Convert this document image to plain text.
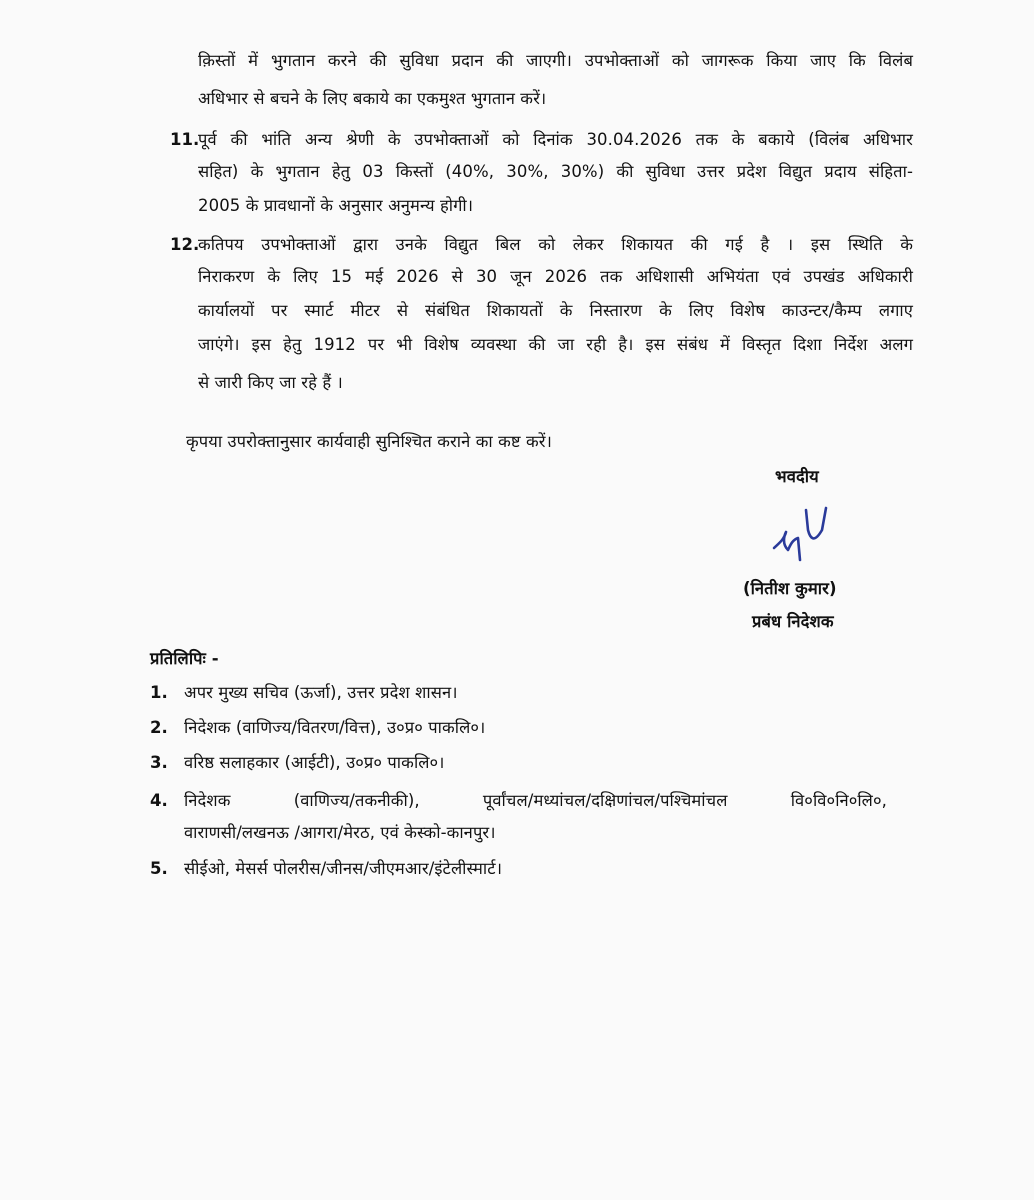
क़िस्तों में भुगतान करने की सुविधा प्रदान की जाएगी। उपभोक्ताओं को जागरूक किया जाए कि विलंब
अधिभार से बचने के लिए बकाये का एकमुश्त भुगतान करें।
11.
पूर्व की भांति अन्य श्रेणी के उपभोक्ताओं को दिनांक 30.04.2026 तक के बकाये (विलंब अधिभार
सहित) के भुगतान हेतु 03 किस्तों (40%, 30%, 30%) की सुविधा उत्तर प्रदेश विद्युत प्रदाय संहिता-
2005 के प्रावधानों के अनुसार अनुमन्य होगी।
12.
कतिपय उपभोक्ताओं द्वारा उनके विद्युत बिल को लेकर शिकायत की गई है । इस स्थिति के
निराकरण के लिए 15 मई 2026 से 30 जून 2026 तक अधिशासी अभियंता एवं उपखंड अधिकारी
कार्यालयों पर स्मार्ट मीटर से संबंधित शिकायतों के निस्तारण के लिए विशेष काउन्टर/कैम्प लगाए
जाएंगे। इस हेतु 1912 पर भी विशेष व्यवस्था की जा रही है। इस संबंध में विस्तृत दिशा निर्देश अलग
से जारी किए जा रहे हैं ।
कृपया उपरोक्तानुसार कार्यवाही सुनिश्चित कराने का कष्ट करें।
भवदीय
(नितीश कुमार)
प्रबंध निदेशक
प्रतिलिपिः -
1. अपर मुख्य सचिव (ऊर्जा), उत्तर प्रदेश शासन।
2. निदेशक (वाणिज्य/वितरण/वित्त), उ०प्र० पाकलि०।
3. वरिष्ठ सलाहकार (आईटी), उ०प्र० पाकलि०।
4. निदेशक (वाणिज्य/तकनीकी), पूर्वांचल/मध्यांचल/दक्षिणांचल/पश्चिमांचल वि०वि०नि०लि०,
वाराणसी/लखनऊ /आगरा/मेरठ, एवं केस्को-कानपुर।
5. सीईओ, मेसर्स पोलरीस/जीनस/जीएमआर/इंटेलीस्मार्ट।
